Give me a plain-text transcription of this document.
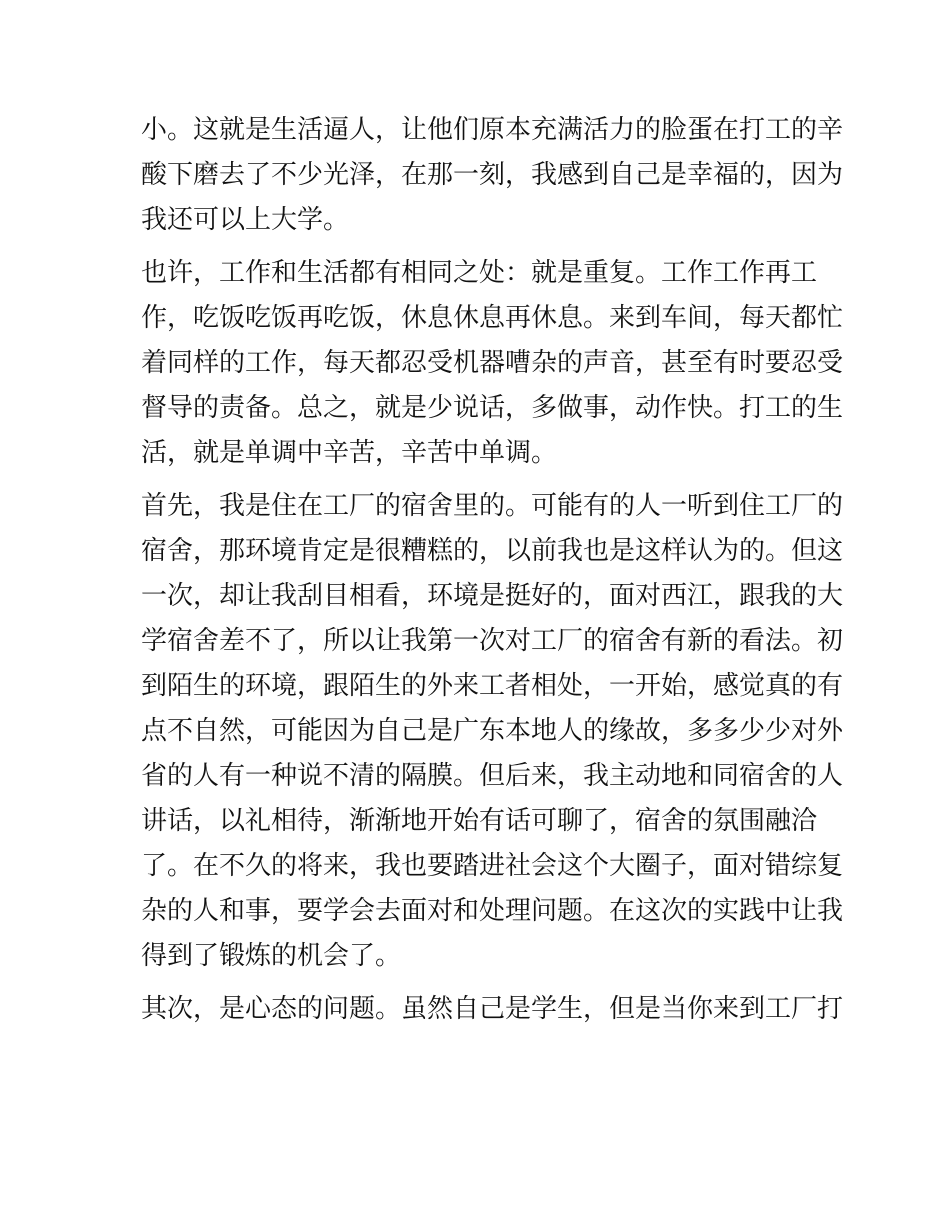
小。这就是生活逼人，让他们原本充满活力的脸蛋在打工的辛
酸下磨去了不少光泽，在那一刻，我感到自己是幸福的，因为
我还可以上大学。

也许，工作和生活都有相同之处：就是重复。工作工作再工
作，吃饭吃饭再吃饭，休息休息再休息。来到车间，每天都忙
着同样的工作，每天都忍受机器嘈杂的声音，甚至有时要忍受
督导的责备。总之，就是少说话，多做事，动作快。打工的生
活，就是单调中辛苦，辛苦中单调。

首先，我是住在工厂的宿舍里的。可能有的人一听到住工厂的
宿舍，那环境肯定是很糟糕的，以前我也是这样认为的。但这
一次，却让我刮目相看，环境是挺好的，面对西江，跟我的大
学宿舍差不了，所以让我第一次对工厂的宿舍有新的看法。初
到陌生的环境，跟陌生的外来工者相处，一开始，感觉真的有
点不自然，可能因为自己是广东本地人的缘故，多多少少对外
省的人有一种说不清的隔膜。但后来，我主动地和同宿舍的人
讲话，以礼相待，渐渐地开始有话可聊了，宿舍的氛围融洽
了。在不久的将来，我也要踏进社会这个大圈子，面对错综复
杂的人和事，要学会去面对和处理问题。在这次的实践中让我
得到了锻炼的机会了。

其次，是心态的问题。虽然自己是学生，但是当你来到工厂打
